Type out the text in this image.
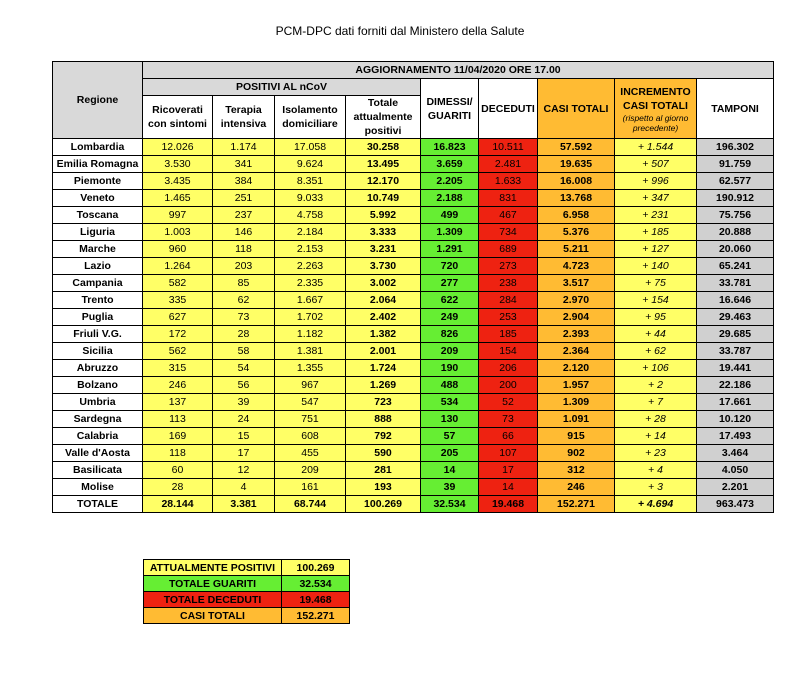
PCM-DPC dati forniti dal Ministero della Salute
Regione	AGGIORNAMENTO 11/04/2020 ORE 17.00								
	POSITIVI AL nCoV				DIMESSI/ GUARITI	DECEDUTI	CASI TOTALI	INCREMENTO CASI TOTALI
(rispetto al giorno precedente)	TAMPONI
	Ricoverati con sintomi	Terapia intensiva	Isolamento domiciliare	Totale attualmente positivi					
Lombardia	12.026	1.174	17.058	30.258	16.823	10.511	57.592	+ 1.544	196.302
Emilia Romagna	3.530	341	9.624	13.495	3.659	2.481	19.635	+ 507	91.759
Piemonte	3.435	384	8.351	12.170	2.205	1.633	16.008	+ 996	62.577
Veneto	1.465	251	9.033	10.749	2.188	831	13.768	+ 347	190.912
Toscana	997	237	4.758	5.992	499	467	6.958	+ 231	75.756
Liguria	1.003	146	2.184	3.333	1.309	734	5.376	+ 185	20.888
Marche	960	118	2.153	3.231	1.291	689	5.211	+ 127	20.060
Lazio	1.264	203	2.263	3.730	720	273	4.723	+ 140	65.241
Campania	582	85	2.335	3.002	277	238	3.517	+ 75	33.781
Trento	335	62	1.667	2.064	622	284	2.970	+ 154	16.646
Puglia	627	73	1.702	2.402	249	253	2.904	+ 95	29.463
Friuli V.G.	172	28	1.182	1.382	826	185	2.393	+ 44	29.685
Sicilia	562	58	1.381	2.001	209	154	2.364	+ 62	33.787
Abruzzo	315	54	1.355	1.724	190	206	2.120	+ 106	19.441
Bolzano	246	56	967	1.269	488	200	1.957	+ 2	22.186
Umbria	137	39	547	723	534	52	1.309	+ 7	17.661
Sardegna	113	24	751	888	130	73	1.091	+ 28	10.120
Calabria	169	15	608	792	57	66	915	+ 14	17.493
Valle d'Aosta	118	17	455	590	205	107	902	+ 23	3.464
Basilicata	60	12	209	281	14	17	312	+ 4	4.050
Molise	28	4	161	193	39	14	246	+ 3	2.201
TOTALE	28.144	3.381	68.744	100.269	32.534	19.468	152.271	+ 4.694	963.473
ATTUALMENTE POSITIVI	100.269
TOTALE GUARITI	32.534
TOTALE DECEDUTI	19.468
CASI TOTALI	152.271
